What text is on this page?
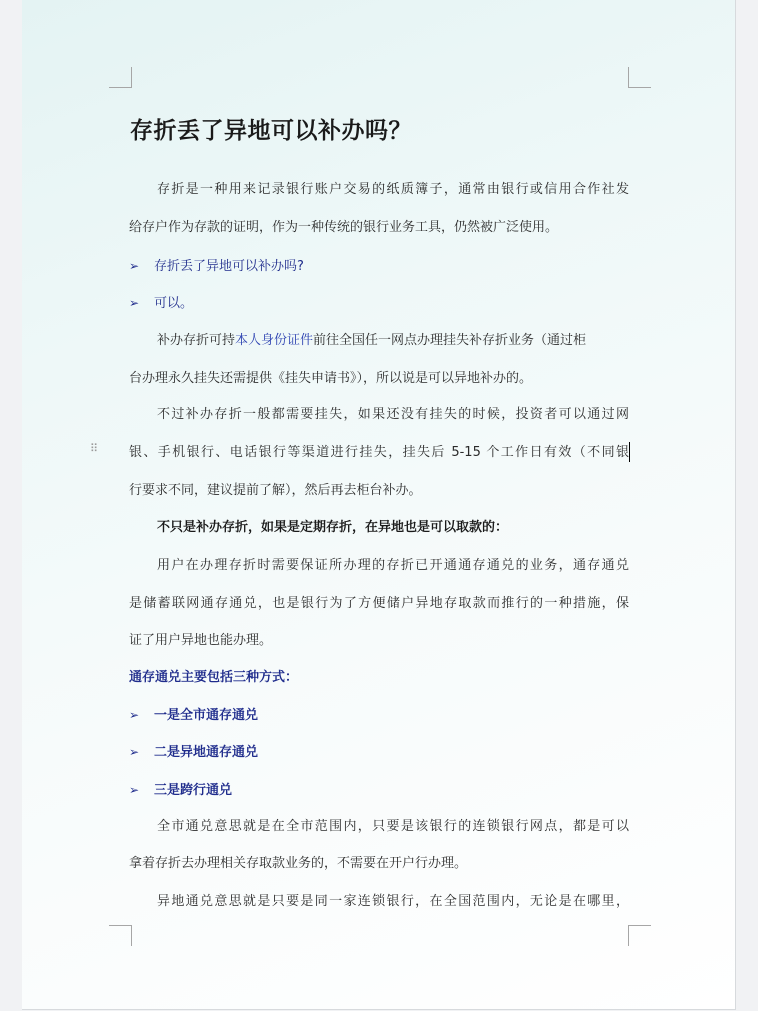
存折丢了异地可以补办吗？
存折是一种用来记录银行账户交易的纸质簿子，通常由银行或信用合作社发
给存户作为存款的证明，作为一种传统的银行业务工具，仍然被广泛使用。
➢ 存折丢了异地可以补办吗?
➢ 可以。
补办存折可持本人身份证件前往全国任一网点办理挂失补存折业务（通过柜
台办理永久挂失还需提供《挂失申请书》），所以说是可以异地补办的。
不过补办存折一般都需要挂失，如果还没有挂失的时候，投资者可以通过网
银、手机银行、电话银行等渠道进行挂失，挂失后 5-15 个工作日有效（不同银
行要求不同，建议提前了解），然后再去柜台补办。
不只是补办存折，如果是定期存折，在异地也是可以取款的：
用户在办理存折时需要保证所办理的存折已开通通存通兑的业务，通存通兑
是储蓄联网通存通兑，也是银行为了方便储户异地存取款而推行的一种措施，保
证了用户异地也能办理。
通存通兑主要包括三种方式：
➢ 一是全市通存通兑
➢ 二是异地通存通兑
➢ 三是跨行通兑
全市通兑意思就是在全市范围内，只要是该银行的连锁银行网点，都是可以
拿着存折去办理相关存取款业务的，不需要在开户行办理。
异地通兑意思就是只要是同一家连锁银行，在全国范围内，无论是在哪里，
⠿
